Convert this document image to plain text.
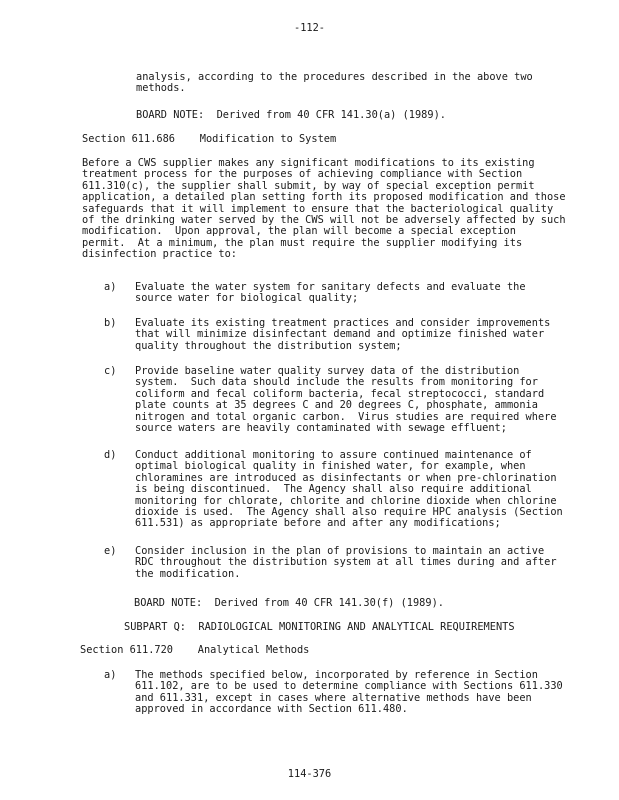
-112-
analysis, according to the procedures described in the above two
methods.
BOARD NOTE:  Derived from 40 CFR 141.30(a) (1989).
Section 611.686    Modification to System
Before a CWS supplier makes any significant modifications to its existing
treatment process for the purposes of achieving compliance with Section
611.310(c), the supplier shall submit, by way of special exception permit
application, a detailed plan setting forth its proposed modification and those
safeguards that it will implement to ensure that the bacteriological quality
of the drinking water served by the CWS will not be adversely affected by such
modification.  Upon approval, the plan will become a special exception
permit.  At a minimum, the plan must require the supplier modifying its
disinfection practice to:
a) Evaluate the water system for sanitary defects and evaluate the
source water for biological quality;
b) Evaluate its existing treatment practices and consider improvements
that will minimize disinfectant demand and optimize finished water
quality throughout the distribution system;
c) Provide baseline water quality survey data of the distribution
system.  Such data should include the results from monitoring for
coliform and fecal coliform bacteria, fecal streptococci, standard
plate counts at 35 degrees C and 20 degrees C, phosphate, ammonia
nitrogen and total organic carbon.  Virus studies are required where
source waters are heavily contaminated with sewage effluent;
d) Conduct additional monitoring to assure continued maintenance of
optimal biological quality in finished water, for example, when
chloramines are introduced as disinfectants or when pre-chlorination
is being discontinued.  The Agency shall also require additional
monitoring for chlorate, chlorite and chlorine dioxide when chlorine
dioxide is used.  The Agency shall also require HPC analysis (Section
611.531) as appropriate before and after any modifications;
e) Consider inclusion in the plan of provisions to maintain an active
RDC throughout the distribution system at all times during and after
the modification.
BOARD NOTE:  Derived from 40 CFR 141.30(f) (1989).
SUBPART Q:  RADIOLOGICAL MONITORING AND ANALYTICAL REQUIREMENTS
Section 611.720    Analytical Methods
a) The methods specified below, incorporated by reference in Section
611.102, are to be used to determine compliance with Sections 611.330
and 611.331, except in cases where alternative methods have been
approved in accordance with Section 611.480.
114-376
